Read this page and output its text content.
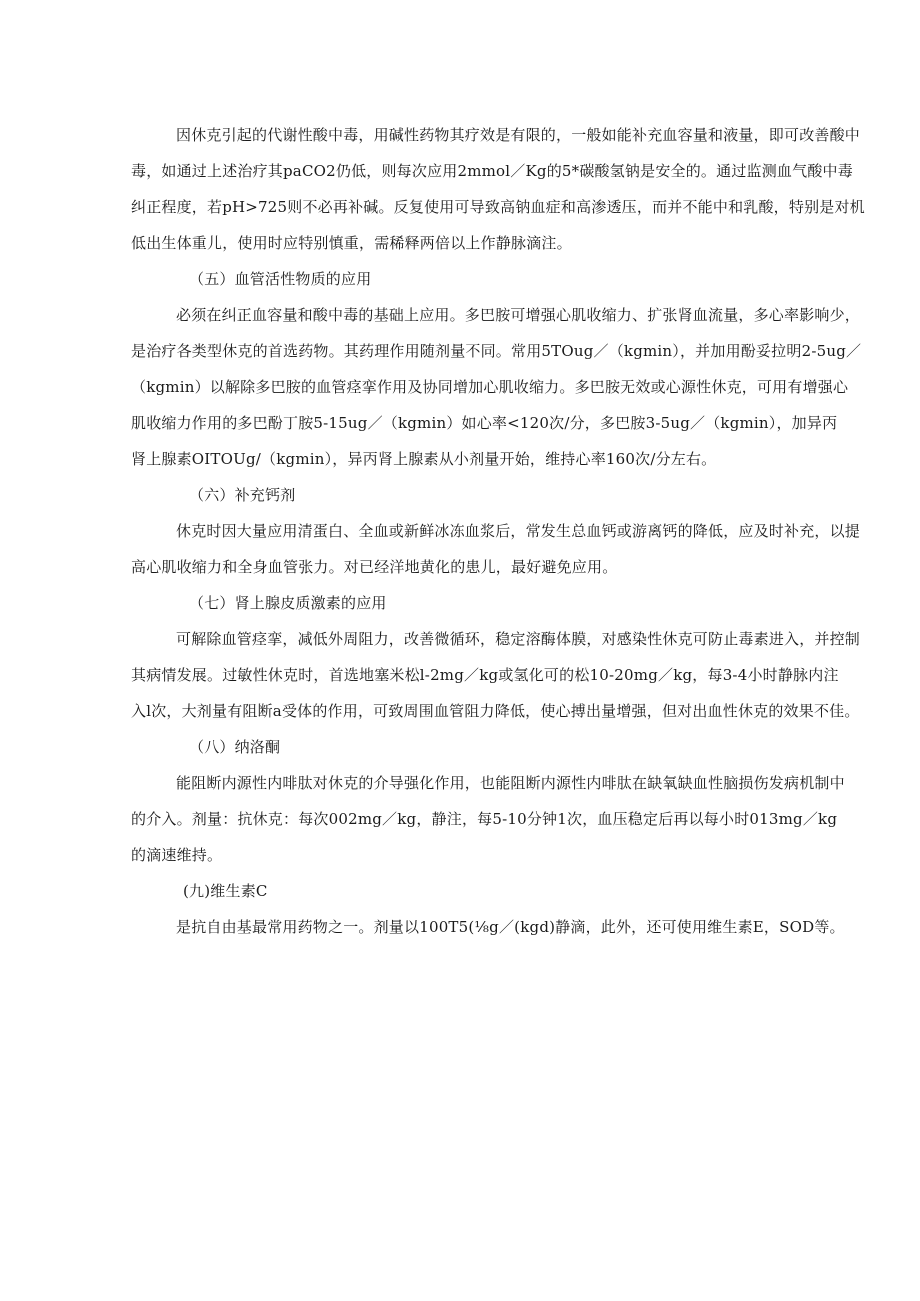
因休克引起的代谢性酸中毒，用碱性药物其疗效是有限的，一般如能补充血容量和液量，即可改善酸中
毒，如通过上述治疗其paCO2仍低，则每次应用2mmol／Kg的5*碳酸氢钠是安全的。通过监测血气酸中毒
纠正程度，若pH>725则不必再补碱。反复使用可导致高钠血症和高渗透压，而并不能中和乳酸，特别是对机
低出生体重儿，使用时应特别慎重，需稀释两倍以上作静脉滴注。
（五）血管活性物质的应用
必须在纠正血容量和酸中毒的基础上应用。多巴胺可增强心肌收缩力、扩张肾血流量，多心率影响少，
是治疗各类型休克的首选药物。其药理作用随剂量不同。常用5TOug／（kgmin），并加用酚妥拉明2-5ug／
（kgmin）以解除多巴胺的血管痉挛作用及协同增加心肌收缩力。多巴胺无效或心源性休克，可用有增强心
肌收缩力作用的多巴酚丁胺5-15ug／（kgmin）如心率<120次/分，多巴胺3-5ug／（kgmin），加异丙
肾上腺素OITOUg/（kgmin），异丙肾上腺素从小剂量开始，维持心率160次/分左右。
（六）补充钙剂
休克时因大量应用清蛋白、全血或新鲜冰冻血浆后，常发生总血钙或游离钙的降低，应及时补充，以提
高心肌收缩力和全身血管张力。对已经洋地黄化的患儿，最好避免应用。
（七）肾上腺皮质激素的应用
可解除血管痉挛，减低外周阻力，改善微循环，稳定溶酶体膜，对感染性休克可防止毒素进入，并控制
其病情发展。过敏性休克时，首选地塞米松l-2mg／kg或氢化可的松10-20mg／kg，每3-4小时静脉内注
入l次，大剂量有阻断a受体的作用，可致周围血管阻力降低，使心搏出量增强，但对出血性休克的效果不佳。
（八）纳洛酮
能阻断内源性内啡肽对休克的介导强化作用，也能阻断内源性内啡肽在缺氧缺血性脑损伤发病机制中
的介入。剂量：抗休克：每次002mg／kg，静注，每5-10分钟1次，血压稳定后再以每小时013mg／kg
的滴速维持。
(九)维生素C
是抗自由基最常用药物之一。剂量以100T5(⅛g／(kgd)静滴，此外，还可使用维生素E，SOD等。
